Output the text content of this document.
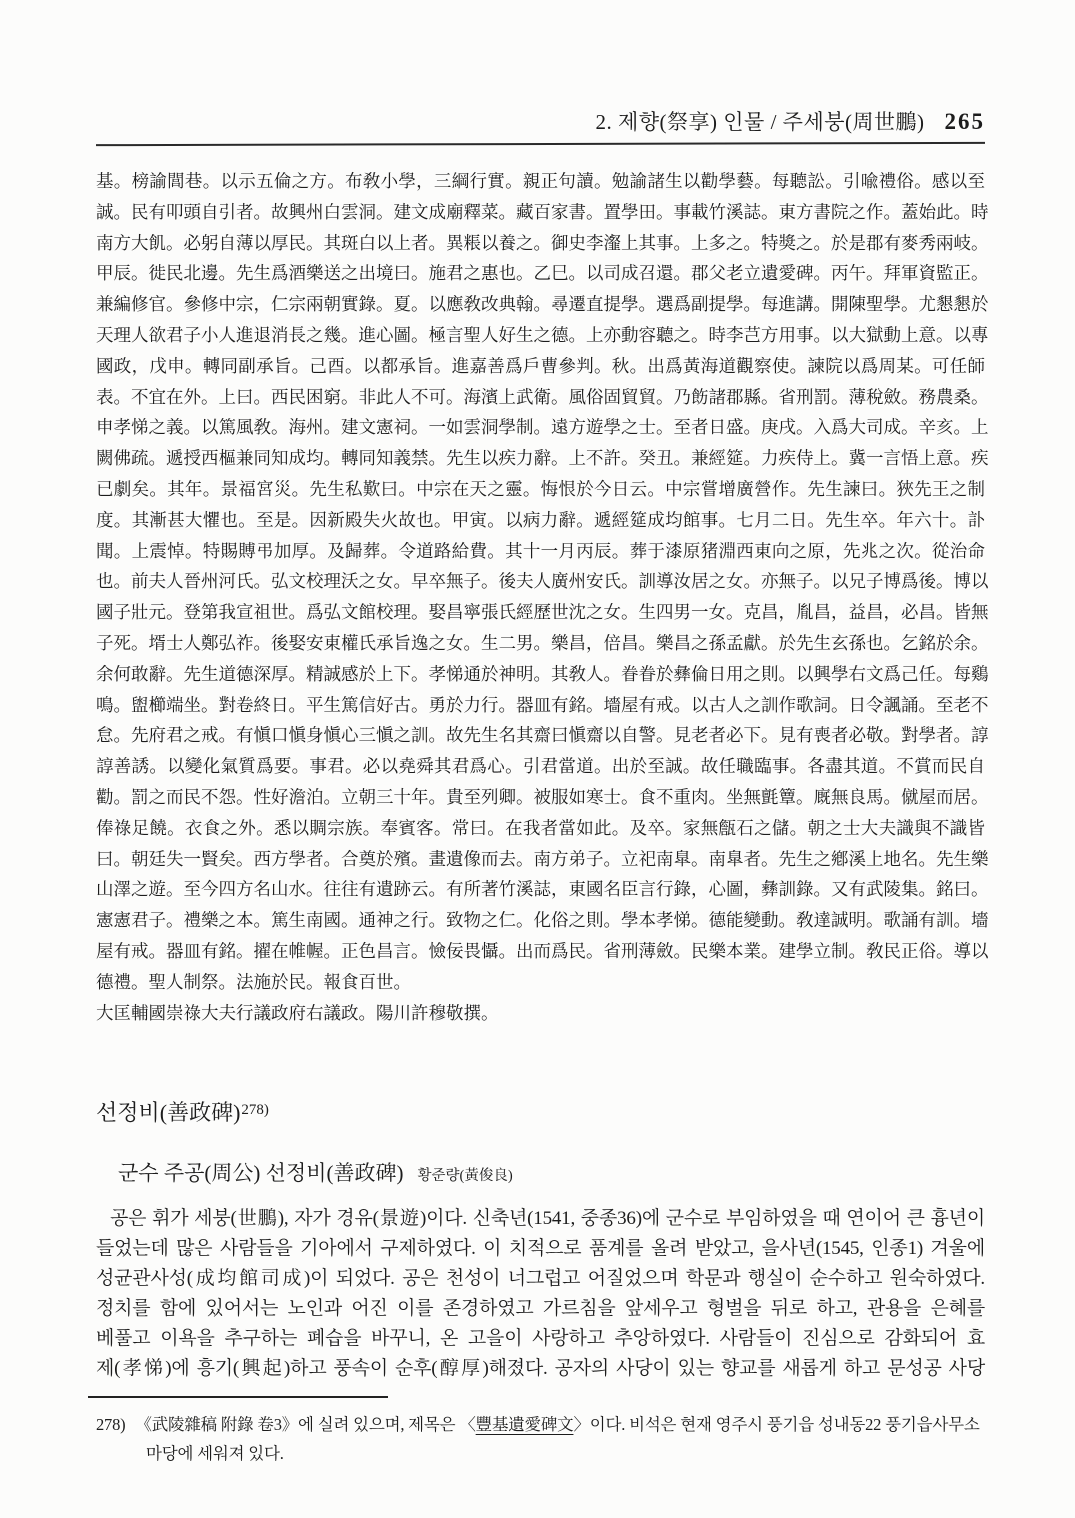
2. 제향(祭享) 인물 / 주세붕(周世鵬) 265
基。榜諭閭巷。以示五倫之方。布敎小學，三綱行實。親正句讀。勉諭諸生以勸學藝。每聽訟。引喩禮俗。感以至
誠。民有叩頭自引者。故興州白雲洞。建文成廟釋菜。藏百家書。置學田。事載竹溪誌。東方書院之作。蓋始此。時
南方大飢。必躬自薄以厚民。其斑白以上者。異粻以養之。御史李瀣上其事。上多之。特獎之。於是郡有麥秀兩岐。
甲辰。徙民北邊。先生爲酒樂送之出境曰。施君之惠也。乙巳。以司成召還。郡父老立遺愛碑。丙午。拜軍資監正。
兼編修官。參修中宗，仁宗兩朝實錄。夏。以應敎改典翰。尋遷直提學。選爲副提學。每進講。開陳聖學。尤懇懇於
天理人欲君子小人進退消長之幾。進心圖。極言聖人好生之德。上亦動容聽之。時李芑方用事。以大獄動上意。以專
國政，戊申。轉同副承旨。己酉。以都承旨。進嘉善爲戶曹參判。秋。出爲黃海道觀察使。諫院以爲周某。可任師
表。不宜在外。上曰。西民困窮。非此人不可。海濱上武衛。風俗固貿貿。乃飭諸郡縣。省刑罰。薄稅斂。務農桑。
申孝悌之義。以篤風敎。海州。建文憲祠。一如雲洞學制。遠方遊學之士。至者日盛。庚戌。入爲大司成。辛亥。上
闕佛疏。遞授西樞兼同知成均。轉同知義禁。先生以疾力辭。上不許。癸丑。兼經筵。力疾侍上。冀一言悟上意。疾
已劇矣。其年。景福宮災。先生私歎曰。中宗在天之靈。悔恨於今日云。中宗嘗增廣營作。先生諫曰。狹先王之制
度。其漸甚大懼也。至是。因新殿失火故也。甲寅。以病力辭。遞經筵成均館事。七月二日。先生卒。年六十。訃
聞。上震悼。特賜賻弔加厚。及歸葬。令道路給費。其十一月丙辰。葬于漆原猪淵西東向之原，先兆之次。從治命
也。前夫人晉州河氏。弘文校理沃之女。早卒無子。後夫人廣州安氏。訓導汝居之女。亦無子。以兄子博爲後。博以
國子壯元。登第我宣祖世。爲弘文館校理。娶昌寧張氏經歷世沈之女。生四男一女。克昌，胤昌，益昌，必昌。皆無
子死。壻士人鄭弘祚。後娶安東權氏承旨逸之女。生二男。樂昌，倍昌。樂昌之孫孟獻。於先生玄孫也。乞銘於余。
余何敢辭。先生道德深厚。精誠感於上下。孝悌通於神明。其敎人。眷眷於彝倫日用之則。以興學右文爲己任。每鷄
鳴。盥櫛端坐。對卷終日。平生篤信好古。勇於力行。器皿有銘。墻屋有戒。以古人之訓作歌詞。日令諷誦。至老不
怠。先府君之戒。有愼口愼身愼心三愼之訓。故先生名其齋曰愼齋以自警。見老者必下。見有喪者必敬。對學者。諄
諄善誘。以變化氣質爲要。事君。必以堯舜其君爲心。引君當道。出於至誠。故任職臨事。各盡其道。不賞而民自
勸。罰之而民不怨。性好澹泊。立朝三十年。貴至列卿。被服如寒士。食不重肉。坐無氈簟。廐無良馬。僦屋而居。
俸祿足饒。衣食之外。悉以賙宗族。奉賓客。常曰。在我者當如此。及卒。家無甔石之儲。朝之士大夫識與不識皆
曰。朝廷失一賢矣。西方學者。合奠於殯。畫遺像而去。南方弟子。立祀南臯。南臯者。先生之鄕溪上地名。先生樂
山澤之遊。至今四方名山水。往往有遺跡云。有所著竹溪誌，東國名臣言行錄，心圖，彝訓錄。又有武陵集。銘曰。
憲憲君子。禮樂之本。篤生南國。通神之行。致物之仁。化俗之則。學本孝悌。德能變動。敎達誠明。歌誦有訓。墻
屋有戒。器皿有銘。擢在帷幄。正色昌言。憸佞畏懾。出而爲民。省刑薄斂。民樂本業。建學立制。敎民正俗。導以
德禮。聖人制祭。法施於民。報食百世。
大匡輔國崇祿大夫行議政府右議政。陽川許穆敬撰。
선정비(善政碑)$^{278)}$
군수 주공(周公) 선정비(善政碑) 황준량(黃俊良)
공은 휘가 세붕(世鵬), 자가 경유(景遊)이다. 신축년(1541, 중종36)에 군수로 부임하였을 때 연이어 큰 흉년이
들었는데 많은 사람들을 기아에서 구제하였다. 이 치적으로 품계를 올려 받았고, 을사년(1545, 인종1) 겨울에
성균관사성(成均館司成)이 되었다. 공은 천성이 너그럽고 어질었으며 학문과 행실이 순수하고 원숙하였다.
정치를 함에 있어서는 노인과 어진 이를 존경하였고 가르침을 앞세우고 형벌을 뒤로 하고, 관용을 은혜를
베풀고 이욕을 추구하는 폐습을 바꾸니, 온 고을이 사랑하고 추앙하였다. 사람들이 진심으로 감화되어 효
제(孝悌)에 흥기(興起)하고 풍속이 순후(醇厚)해졌다. 공자의 사당이 있는 향교를 새롭게 하고 문성공 사당
278) 《武陵雜稿 附錄 卷3》에 실려 있으며, 제목은 〈豐基遺愛碑文〉이다. 비석은 현재 영주시 풍기읍 성내동22 풍기읍사무소 마당에 세워져 있다.
